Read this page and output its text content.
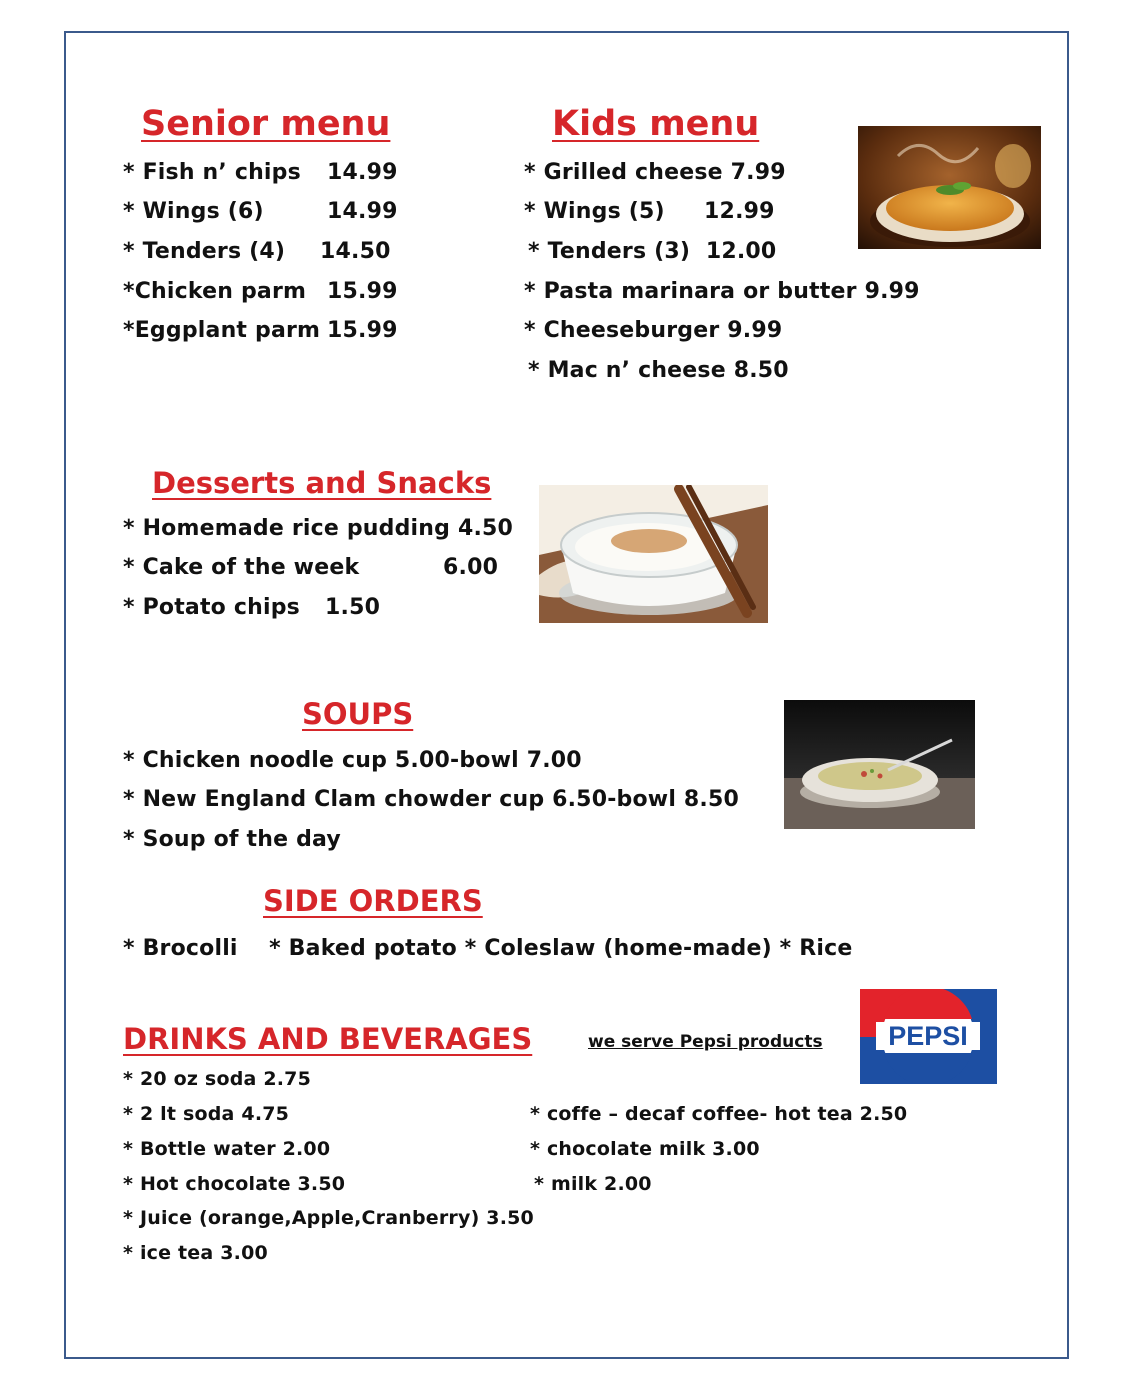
Senior menu

* Fish n’ chips 14.99

* Wings (6)	14.99

* Tenders (4) 14.50

*Chicken parm 15.99

*Eggplant parm 15.99

Kids menu

* Grilled cheese 7.99

* Wings (5)     12.99

* Tenders (3)  12.00

* Pasta marinara or butter 9.99

* Cheeseburger 9.99

* Mac n’ cheese 8.50

Desserts and Snacks

* Homemade rice pudding 4.50

* Cake of the week	6.00

* Potato chips 1.50

SOUPS

* Chicken noodle cup 5.00-bowl 7.00

* New England Clam chowder cup 6.50-bowl 8.50

* Soup of the day

SIDE ORDERS

* Brocolli    * Baked potato * Coleslaw (home-made) * Rice

DRINKS AND BEVERAGES	we serve Pepsi products

* 20 oz soda 2.75

* 2 lt soda 4.75

* Bottle water 2.00

* Hot chocolate 3.50

* Juice (orange,Apple,Cranberry) 3.50

* ice tea 3.00

* coffe – decaf coffee- hot tea 2.50

* chocolate milk 3.00

* milk 2.00

PEPSI
